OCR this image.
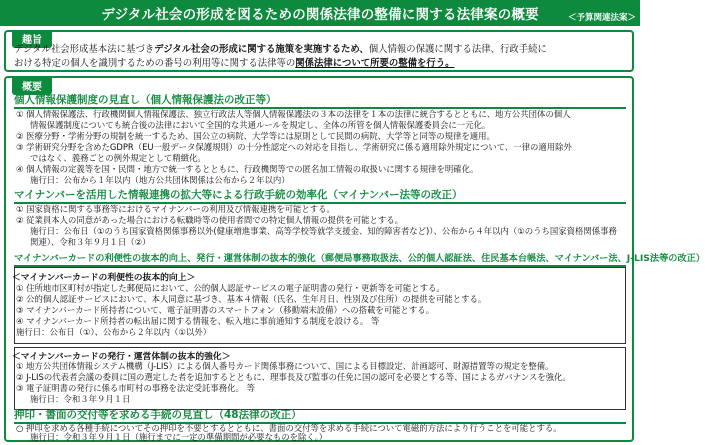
デジタル社会の形成を図るための関係法律の整備に関する法律案の概要	＜予算関連法案＞
趣旨
デジタル社会形成基本法に基づきデジタル社会の形成に関する施策を実施するため、個人情報の保護に関する法律、行政手続に
おける特定の個人を識別するための番号の利用等に関する法律等の関係法律について所要の整備を行う。
概要
個人情報保護制度の見直し（個人情報保護法の改正等）
① 個人情報保護法、行政機関個人情報保護法、独立行政法人等個人情報保護法の３本の法律を１本の法律に統合するとともに、地方公共団体の個人
情報保護制度についても統合後の法律において全国的な共通ルールを規定し、全体の所管を個人情報保護委員会に一元化。
② 医療分野・学術分野の規制を統一するため、国公立の病院、大学等には原則として民間の病院、大学等と同等の規律を適用。
③ 学術研究分野を含めたGDPR（EU一般データ保護規則）の十分性認定への対応を目指し、学術研究に係る適用除外規定について、一律の適用除外
ではなく、義務ごとの例外規定として精緻化。
④ 個人情報の定義等を国・民間・地方で統一するとともに、行政機関等での匿名加工情報の取扱いに関する規律を明確化。
施行日：公布から１年以内（地方公共団体関係は公布から２年以内）
マイナンバーを活用した情報連携の拡大等による行政手続の効率化（マイナンバー法等の改正）
① 国家資格に関する事務等におけるマイナンバーの利用及び情報連携を可能とする。
② 従業員本人の同意があった場合における転職時等の使用者間での特定個人情報の提供を可能とする。
施行日：公布日（①のうち国家資格関係事務以外(健康増進事業、高等学校等就学支援金、知的障害者など)）、公布から４年以内（①のうち国家資格関係事務
関連）、令和３年９月１日（②）
マイナンバーカードの利便性の抜本的向上、発行・運営体制の抜本的強化（郵便局事務取扱法、公的個人認証法、住民基本台帳法、マイナンバー法、J-LIS法等の改正）
＜マイナンバーカードの利便性の抜本的向上＞
① 住所地市区町村が指定した郵便局において、公的個人認証サービスの電子証明書の発行・更新等を可能とする。
② 公的個人認証サービスにおいて、本人同意に基づき、基本４情報（氏名、生年月日、性別及び住所）の提供を可能とする。
③ マイナンバーカード所持者について、電子証明書のスマートフォン（移動端末設備）への搭載を可能とする。
④ マイナンバーカード所持者の転出届に関する情報を、転入地に事前通知する制度を設ける。 等
施行日：公布日（①）、公布から２年以内（①以外）
＜マイナンバーカードの発行・運営体制の抜本的強化＞
① 地方公共団体情報システム機構（J-LIS）による個人番号カード関係事務について、国による目標設定、計画認可、財源措置等の規定を整備。
② J-LISの代表者会議の委員に国の選定した者を追加するとともに、理事長及び監事の任免に国の認可を必要とする等、国によるガバナンスを強化。
③ 電子証明書の発行に係る市町村の事務を法定受託事務化。 等
施行日：令和３年９月１日
押印・書面の交付等を求める手続の見直し（48法律の改正）
○ 押印を求める各種手続についてその押印を不要とするとともに、書面の交付等を求める手続について電磁的方法により行うことを可能とする。
施行日：令和３年９月１日（施行までに一定の準備期間が必要なものを除く。）
